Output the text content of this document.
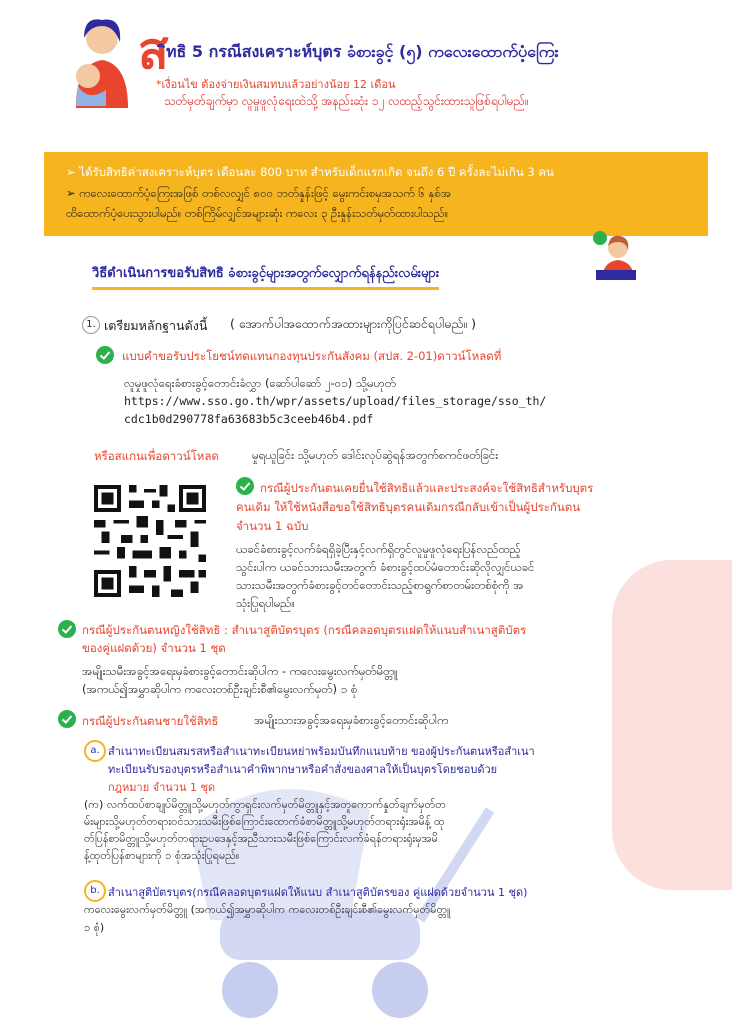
ส
ิทธิ 5 กรณีสงเคราะห์บุตร ခံစားခွင့် (၅) ကလေးထောက်ပံ့ကြေး
*เงื่อนไข ต้องจ่ายเงินสมทบแล้วอย่างน้อย 12 เดือน
သတ်မှတ်ချက်မှာ လူမှုဖူလုံရေးထဲသို့ အနည်းဆုံး ၁၂ လထည့်သွင်းထားသူဖြစ်ရပါမည်။
➢ ได้รับสิทธิค่าสงเคราะห์บุตร เดือนละ 800 บาท สำหรับเด็กแรกเกิด จนถึง 6 ปี ครั้งละไม่เกิน 3 คน
➢ ကလေးထောက်ပံ့ကြေးအဖြစ် တစ်လလျှင် ၈၀၀ ဘတ်နှုန်းဖြင့် မွေးကင်းစမှအသက် ၆ နှစ်အ
ထိထောက်ပံ့ပေးသွားပါမည်။ တစ်ကြိမ်လျှင်အများဆုံး ကလေး ၃ ဦးနှုန်းသတ်မှတ်ထားပါသည်။
วิธีดำเนินการขอรับสิทธิ ခံစားခွင့်များအတွက်လျှောက်ရန်နည်းလမ်းများ
1. เตรียมหลักฐานดังนี้ ( အောက်ပါအထောက်အထားများကိုပြင်ဆင်ရပါမည်။ )
แบบคำขอรับประโยชน์ทดแทนกองทุนประกันสังคม (สปส. 2-01)ดาวน์โหลดที่
လူမှုဖူလုံရေးခံစားခွင့်တောင်းခံလွှာ (ဆော်ပါဆော် ၂-၀၁) သို့မဟုတ်
https://www.sso.go.th/wpr/assets/upload/files_storage/sso_th/
cdc1b0d290778fa63683b5c3ceeb46b4.pdf
หรือสแกนเพื่อดาวน์โหลด	မှုရယူခြင်း သို့မဟုတ် ဒေါင်းလုပ်ဆွဲရန်အတွက်စကင်ဖတ်ခြင်း
กรณีผู้ประกันตนเคยยื่นใช้สิทธิแล้วและประสงค์จะใช้สิทธิสำหรับบุตร
คนเดิม ให้ใช้หนังสือขอใช้สิทธิบุตรคนเดิมกรณีกลับเข้าเป็นผู้ประกันตน
จำนวน 1 ฉบับ
ယခင်ခံစားခွင့်လက်ခံရရှိခဲ့ပြီးနှင့်လက်ရှိတွင်လူမှုဖူလုံရေးပြန်လည်ထည့်
သွင်းပါက ယခင်သားသမီးအတွက် ခံစားခွင့်ထပ်မံတောင်းဆိုလိုလျှင်ယခင်
သားသမီးအတွက်ခံစားခွင့်တင်တောင်းသည့်စာရွက်စာတမ်းတစ်စုံကို အ
သုံးပြုရပါမည်။
กรณีผู้ประกันตนหญิงใช้สิทธิ : สำเนาสูติบัตรบุตร (กรณีคลอดบุตรแฝดให้แนบสำเนาสูติบัตร
ของคู่แฝดด้วย) จำนวน 1 ชุด
အမျိုးသမီးအခွင့်အရေးမှခံစားခွင့်တောင်းဆိုပါက - ကလေးမွေးလက်မှတ်မိတ္တူ
(အကယ်၍အမွှာဆိုပါက ကလေးတစ်ဦးချင်းစီ၏မွေးလက်မှတ်) ၁ စုံ
กรณีผู้ประกันตนชายใช้สิทธิ	အမျိုးသားအခွင့်အရေးမှခံစားခွင့်တောင်းဆိုပါက
a. สำเนาทะเบียนสมรสหรือสำเนาทะเบียนหย่าพร้อมบันทึกแนบท้าย ของผู้ประกันตนหรือสำเนา
ทะเบียนรับรองบุตรหรือสำเนาคำพิพากษาหรือคำสั่งของศาลให้เป็นบุตรโดยชอบด้วย
กฎหมาย จำนวน 1 ชุด
(က) လက်ထပ်စာချုပ်မိတ္တူသို့မဟုတ်ကွာရှင်းလက်မှတ်မိတ္တူနှင့်အတူကောက်နှုတ်ချက်မှတ်တ
မ်းများသို့မဟုတ်တရားဝင်သားသမီးဖြစ်ကြောင်းထောက်ခံစာမိတ္တူသို့မဟုတ်တရားရုံးအမိန့် ထု
တ်ပြန်စာမိတ္တူသို့မဟုတ်တရားဥပဒေနှင့်အညီသားသမီးဖြစ်ကြောင်းလက်ခံရန်တရားရုံးမှအမိ
န့်ထုတ်ပြန်စာများကို ၁ စုံအသုံးပြုရမည်။
b. สำเนาสูติบัตรบุตร(กรณีคลอดบุตรแฝดให้แนบ สำเนาสูติบัตรของ คู่แฝดด้วยจำนวน 1 ชุด)
ကလေးမွေးလက်မှတ်မိတ္တူ (အကယ်၍အမွှာဆိုပါက ကလေးတစ်ဦးချင်းစီ၏မွေးလက်မှတ်မိတ္တူ
၁ စုံ)
